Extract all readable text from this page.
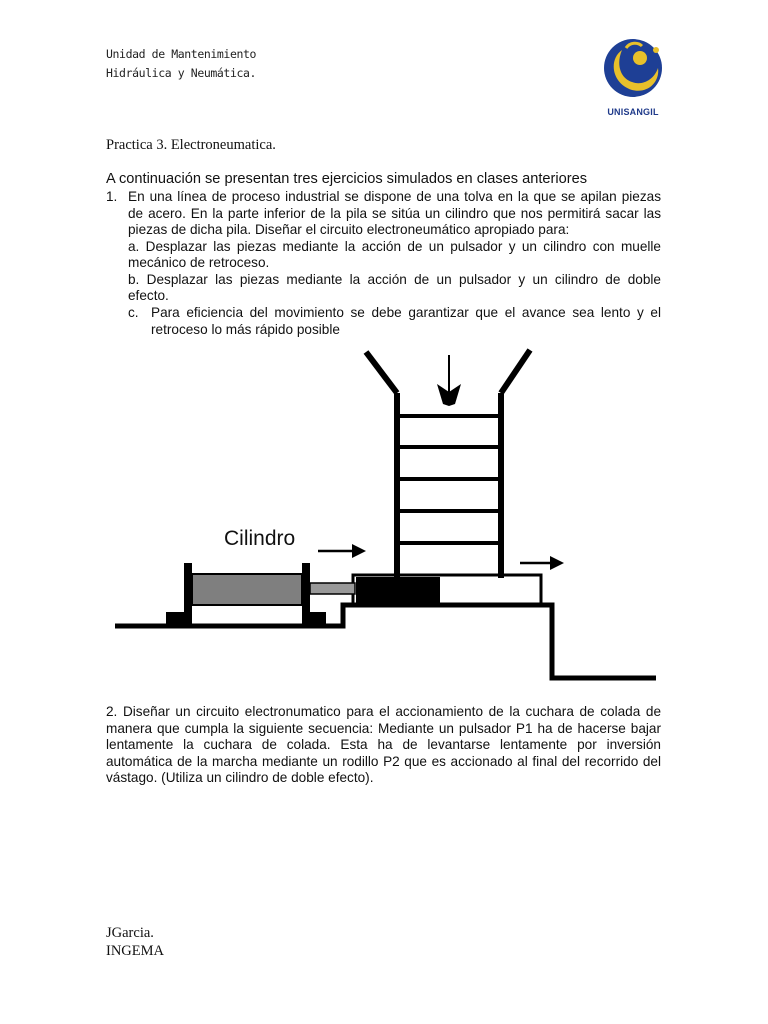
Unidad de Mantenimiento
Hidráulica y Neumática.
UNISANGIL
Practica 3. Electroneumatica.
A continuación se presentan tres ejercicios simulados en clases anteriores
1. En una línea de proceso industrial se dispone de una tolva en la que se apilan piezas
de acero. En la parte inferior de la pila se sitúa un cilindro que nos permitirá sacar las
piezas de dicha pila. Diseñar el circuito electroneumático apropiado para:
a. Desplazar las piezas mediante la acción de un pulsador y un cilindro con muelle
mecánico de retroceso.
b. Desplazar las piezas mediante la acción de un pulsador y un cilindro de doble
efecto.
c. Para eficiencia del movimiento se debe garantizar que el avance sea lento y el
retroceso lo más rápido posible
Cilindro
2. Diseñar un circuito electronumatico para el accionamiento de la cuchara de colada de
manera que cumpla la siguiente secuencia: Mediante un pulsador P1 ha de hacerse bajar
lentamente la cuchara de colada. Esta ha de levantarse lentamente por inversión
automática de la marcha mediante un rodillo P2 que es accionado al final del recorrido del
vástago. (Utiliza un cilindro de doble efecto).
JGarcia.
INGEMA
